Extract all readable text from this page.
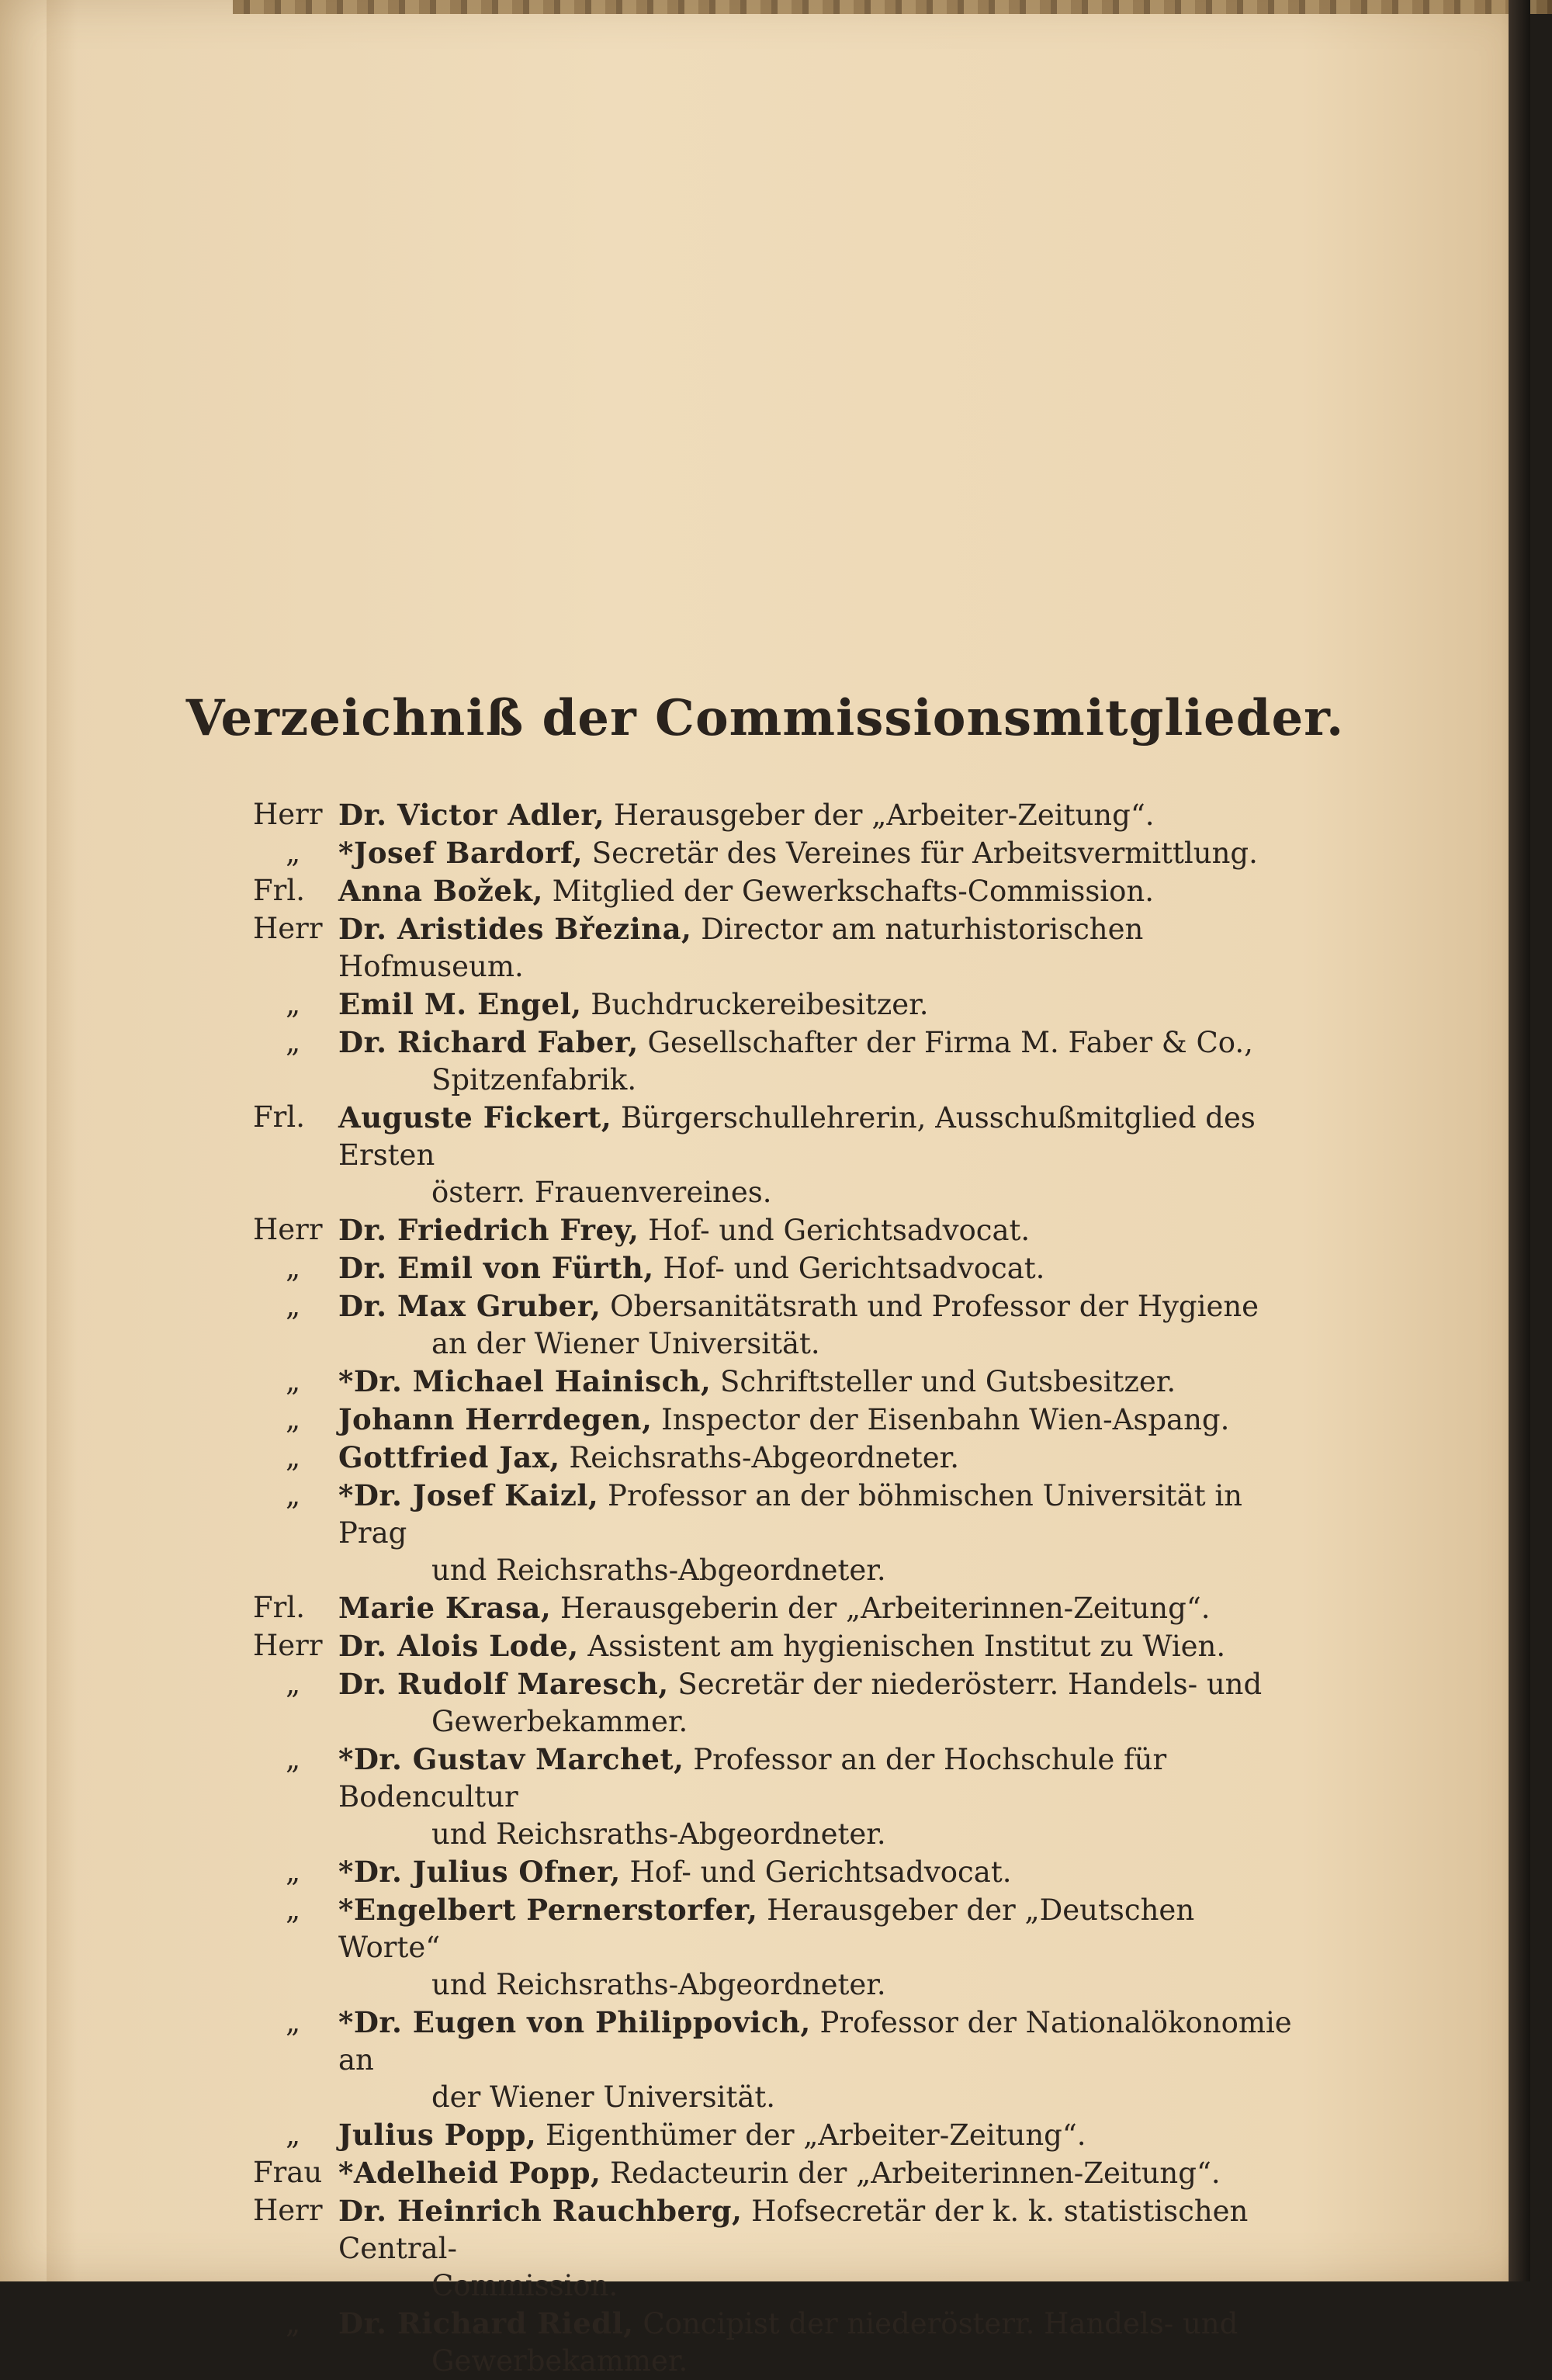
Verzeichniß der Commissionsmitglieder.
Herr Dr. Victor Adler, Herausgeber der „Arbeiter-Zeitung“.
„	*Josef Bardorf, Secretär des Vereines für Arbeitsvermittlung.
Frl.	Anna Božek, Mitglied der Gewerkschafts-Commission.
Herr Dr. Aristides Březina, Director am naturhistorischen Hofmuseum.
„	Emil M. Engel, Buchdruckereibesitzer.
„	Dr. Richard Faber, Gesellschafter der Firma M. Faber & Co.,
Spitzenfabrik.
Frl.	Auguste Fickert, Bürgerschullehrerin, Ausschußmitglied des Ersten
österr. Frauenvereines.
Herr Dr. Friedrich Frey, Hof- und Gerichtsadvocat.
„	Dr. Emil von Fürth, Hof- und Gerichtsadvocat.
„	Dr. Max Gruber, Obersanitätsrath und Professor der Hygiene
an der Wiener Universität.
„	*Dr. Michael Hainisch, Schriftsteller und Gutsbesitzer.
„	Johann Herrdegen, Inspector der Eisenbahn Wien-Aspang.
„	Gottfried Jax, Reichsraths-Abgeordneter.
„	*Dr. Josef Kaizl, Professor an der böhmischen Universität in Prag
und Reichsraths-Abgeordneter.
Frl.	Marie Krasa, Herausgeberin der „Arbeiterinnen-Zeitung“.
Herr Dr. Alois Lode, Assistent am hygienischen Institut zu Wien.
„	Dr. Rudolf Maresch, Secretär der niederösterr. Handels- und
Gewerbekammer.
„	*Dr. Gustav Marchet, Professor an der Hochschule für Bodencultur
und Reichsraths-Abgeordneter.
„	*Dr. Julius Ofner, Hof- und Gerichtsadvocat.
„	*Engelbert Pernerstorfer, Herausgeber der „Deutschen Worte“
und Reichsraths-Abgeordneter.
„	*Dr. Eugen von Philippovich, Professor der Nationalökonomie an
der Wiener Universität.
„	Julius Popp, Eigenthümer der „Arbeiter-Zeitung“.
Frau *Adelheid Popp, Redacteurin der „Arbeiterinnen-Zeitung“.
Herr Dr. Heinrich Rauchberg, Hofsecretär der k. k. statistischen Central-
Commission.
„	Dr. Richard Riedl, Concipist der niederösterr. Handels- und
Gewerbekammer.
